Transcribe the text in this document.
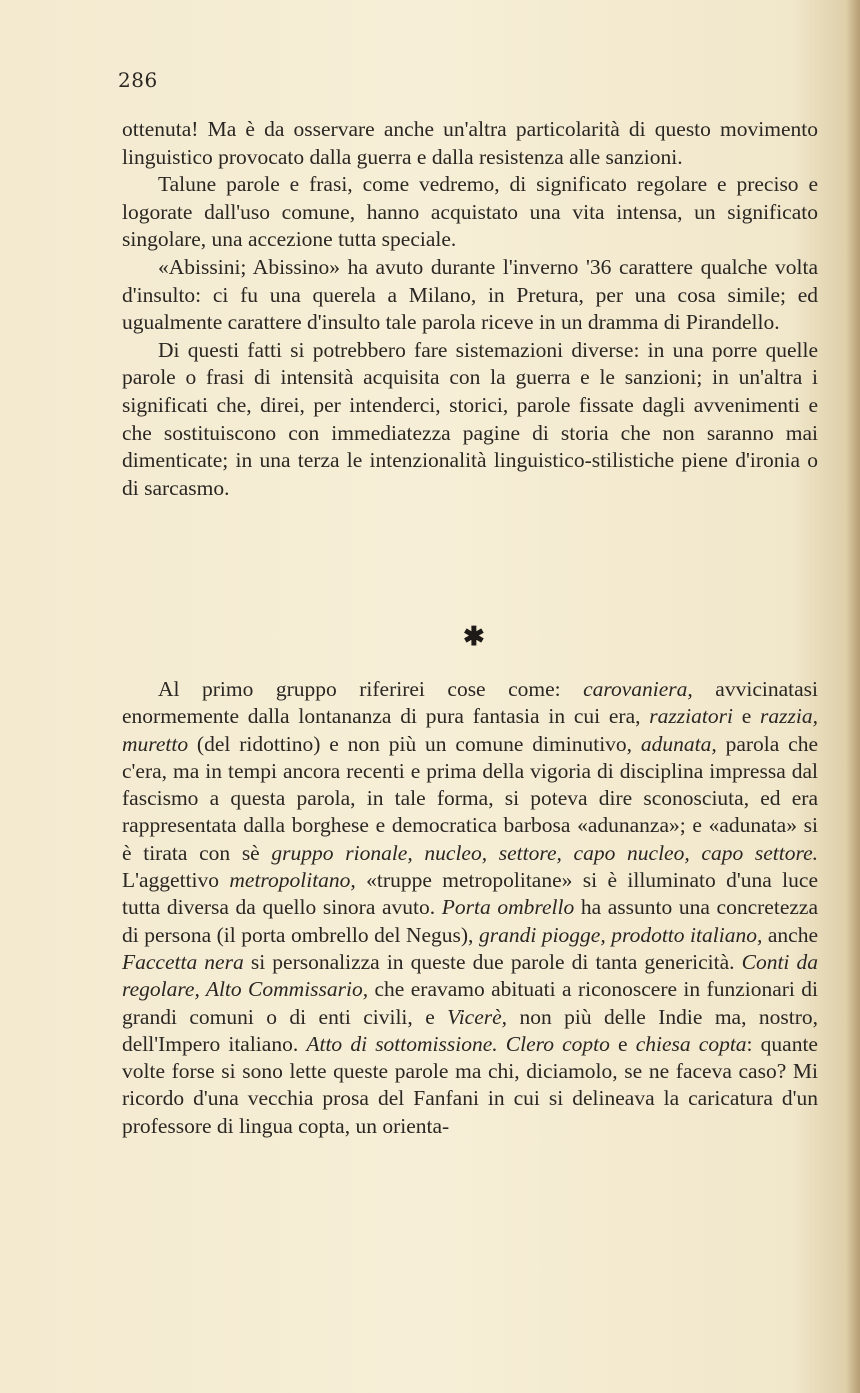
286

ottenuta! Ma è da osservare anche un'altra particolarità di questo movimento linguistico provocato dalla guerra e dalla resistenza alle sanzioni.

Talune parole e frasi, come vedremo, di significato regolare e preciso e logorate dall'uso comune, hanno acquistato una vita intensa, un significato singolare, una accezione tutta speciale.

«Abissini; Abissino» ha avuto durante l'inverno '36 carattere qualche volta d'insulto: ci fu una querela a Milano, in Pretura, per una cosa simile; ed ugualmente carattere d'insulto tale parola riceve in un dramma di Pirandello.

Di questi fatti si potrebbero fare sistemazioni diverse: in una porre quelle parole o frasi di intensità acquisita con la guerra e le sanzioni; in un'altra i significati che, direi, per intenderci, storici, parole fissate dagli avvenimenti e che sostituiscono con immediatezza pagine di storia che non saranno mai dimenticate; in una terza le intenzionalità linguistico-stilistiche piene d'ironia o di sarcasmo.

✱

Al primo gruppo riferirei cose come: carovaniera, avvicinatasi enormemente dalla lontananza di pura fantasia in cui era, razziatori e razzia, muretto (del ridottino) e non più un comune diminutivo, adunata, parola che c'era, ma in tempi ancora recenti e prima della vigoria di disciplina impressa dal fascismo a questa parola, in tale forma, si poteva dire sconosciuta, ed era rappresentata dalla borghese e democratica barbosa «adunanza»; e «adunata» si è tirata con sè gruppo rionale, nucleo, settore, capo nucleo, capo settore. L'aggettivo metropolitano, «truppe metropolitane» si è illuminato d'una luce tutta diversa da quello sinora avuto. Porta ombrello ha assunto una concretezza di persona (il porta ombrello del Negus), grandi piogge, prodotto italiano, anche Faccetta nera si personalizza in queste due parole di tanta genericità. Conti da regolare, Alto Commissario, che eravamo abituati a riconoscere in funzionari di grandi comuni o di enti civili, e Vicerè, non più delle Indie ma, nostro, dell'Impero italiano. Atto di sottomissione. Clero copto e chiesa copta: quante volte forse si sono lette queste parole ma chi, diciamolo, se ne faceva caso? Mi ricordo d'una vecchia prosa del Fanfani in cui si delineava la caricatura d'un professore di lingua copta, un orienta-
